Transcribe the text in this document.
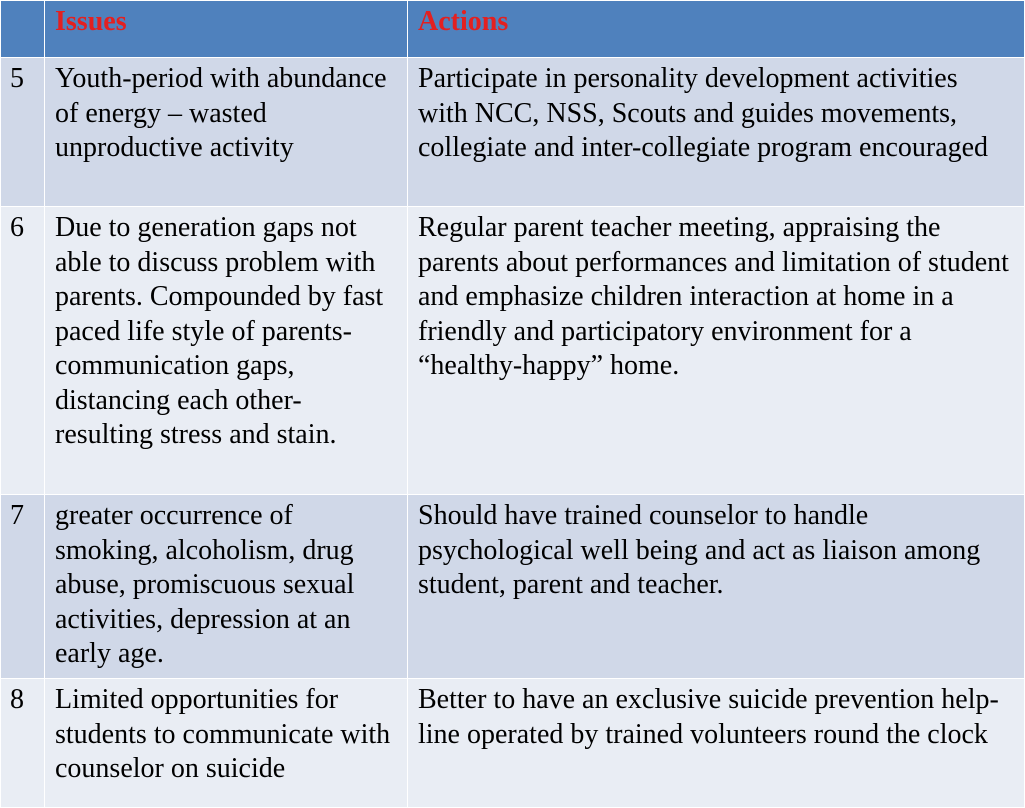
	Issues	Actions
5	Youth-period with abundance of energy – wasted unproductive activity	Participate in personality development activities with NCC, NSS, Scouts and guides movements, collegiate and inter-collegiate program encouraged
6	Due to generation gaps not able to discuss problem with parents. Compounded by fast paced life style of parents-communication gaps, distancing each other-resulting stress and stain.	Regular parent teacher meeting, appraising the parents about performances and limitation of student and emphasize children interaction at home in a friendly and participatory environment for a “healthy-happy” home.
7	greater occurrence of smoking, alcoholism, drug abuse, promiscuous sexual activities, depression at an early age.	Should have trained counselor to handle psychological well being and act as liaison among student, parent and teacher.
8	Limited opportunities for students to communicate with counselor on suicide	Better to have an exclusive suicide prevention help-line operated by trained volunteers round the clock
